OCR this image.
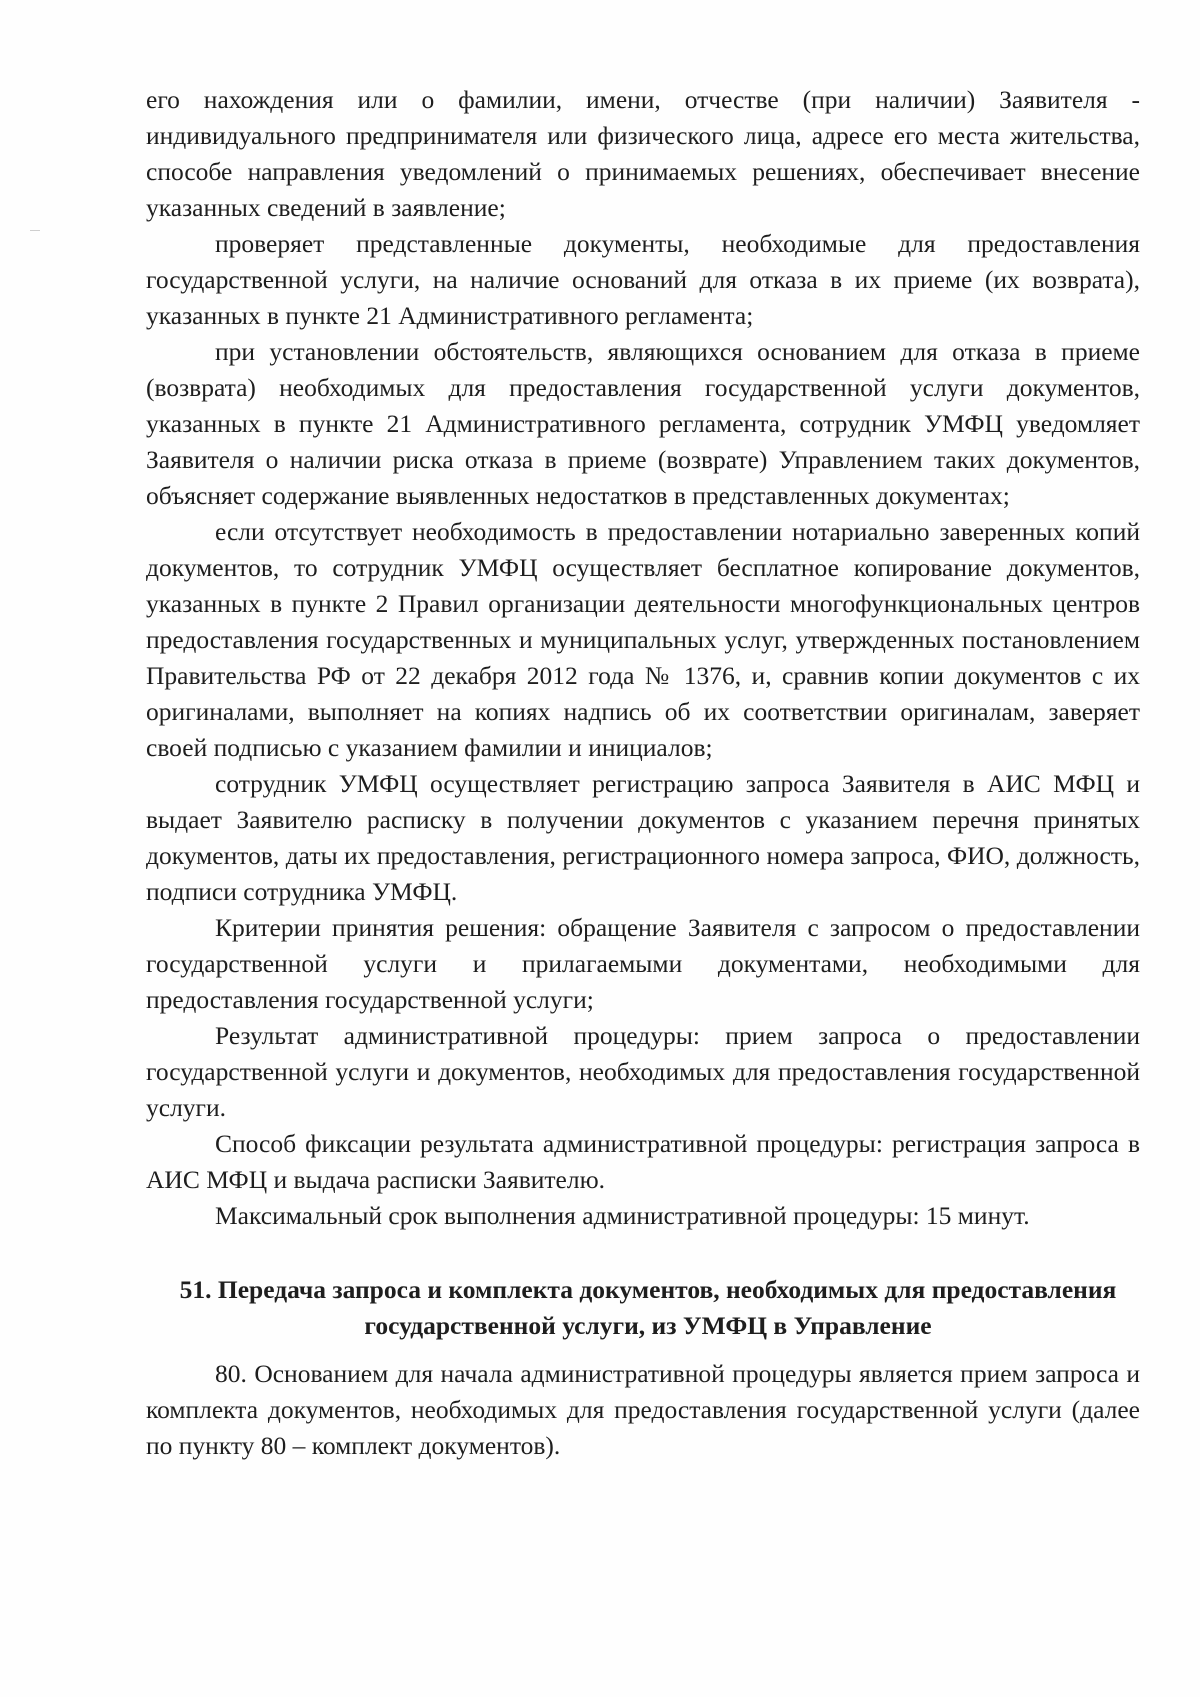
его нахождения или о фамилии, имени, отчестве (при наличии) Заявителя - индивидуального предпринимателя или физического лица, адресе его места жительства, способе направления уведомлений о принимаемых решениях, обеспечивает внесение указанных сведений в заявление;

проверяет представленные документы, необходимые для предоставления государственной услуги, на наличие оснований для отказа в их приеме (их возврата), указанных в пункте 21 Административного регламента;

при установлении обстоятельств, являющихся основанием для отказа в приеме (возврата) необходимых для предоставления государственной услуги документов, указанных в пункте 21 Административного регламента, сотрудник УМФЦ уведомляет Заявителя о наличии риска отказа в приеме (возврате) Управлением таких документов, объясняет содержание выявленных недостатков в представленных документах;

если отсутствует необходимость в предоставлении нотариально заверенных копий документов, то сотрудник УМФЦ осуществляет бесплатное копирование документов, указанных в пункте 2 Правил организации деятельности многофункциональных центров предоставления государственных и муниципальных услуг, утвержденных постановлением Правительства РФ от 22 декабря 2012 года № 1376, и, сравнив копии документов с их оригиналами, выполняет на копиях надпись об их соответствии оригиналам, заверяет своей подписью с указанием фамилии и инициалов;

сотрудник УМФЦ осуществляет регистрацию запроса Заявителя в АИС МФЦ и выдает Заявителю расписку в получении документов с указанием перечня принятых документов, даты их предоставления, регистрационного номера запроса, ФИО, должность, подписи сотрудника УМФЦ.

Критерии принятия решения: обращение Заявителя с запросом о предоставлении государственной услуги и прилагаемыми документами, необходимыми для предоставления государственной услуги;

Результат административной процедуры: прием запроса о предоставлении государственной услуги и документов, необходимых для предоставления государственной услуги.

Способ фиксации результата административной процедуры: регистрация запроса в АИС МФЦ и выдача расписки Заявителю.

Максимальный срок выполнения административной процедуры: 15 минут.

51. Передача запроса и комплекта документов, необходимых для предоставления государственной услуги, из УМФЦ в Управление

80. Основанием для начала административной процедуры является прием запроса и комплекта документов, необходимых для предоставления государственной услуги (далее по пункту 80 – комплект документов).
